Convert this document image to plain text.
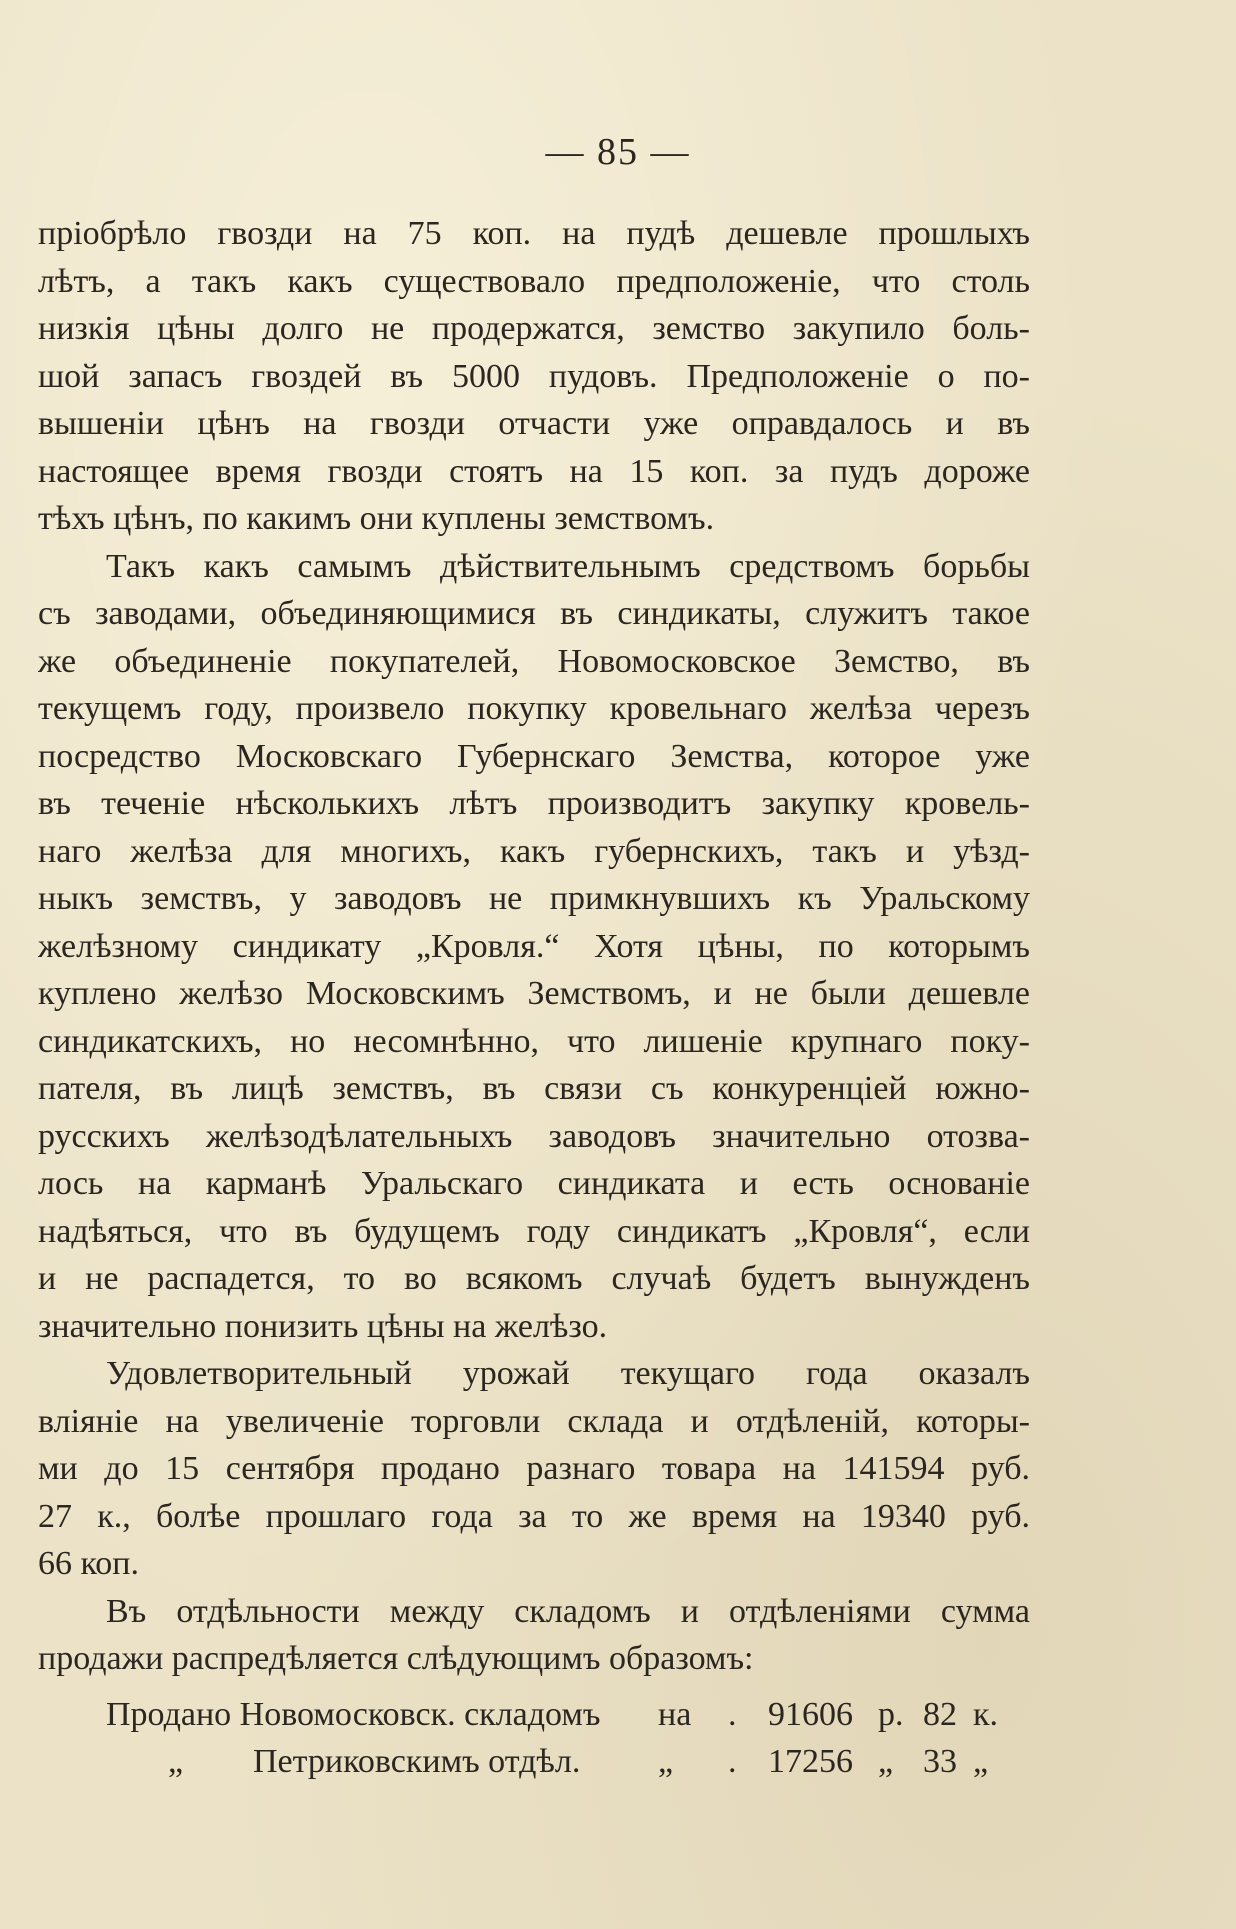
— 85 —
пріобрѣло гвозди на 75 коп. на пудѣ дешевле прошлыхъ
лѣтъ, а такъ какъ существовало предположеніе, что столь
низкія цѣны долго не продержатся, земство закупило боль-
шой запасъ гвоздей въ 5000 пудовъ. Предположеніе о по-
вышеніи цѣнъ на гвозди отчасти уже оправдалось и въ
настоящее время гвозди стоятъ на 15 коп. за пудъ дороже
тѣхъ цѣнъ, по какимъ они куплены земствомъ.
Такъ какъ самымъ дѣйствительнымъ средствомъ борьбы
съ заводами, объединяющимися въ синдикаты, служитъ такое
же объединеніе покупателей, Новомосковское Земство, въ
текущемъ году, произвело покупку кровельнаго желѣза черезъ
посредство Московскаго Губернскаго Земства, которое уже
въ теченіе нѣсколькихъ лѣтъ производитъ закупку кровель-
наго желѣза для многихъ, какъ губернскихъ, такъ и уѣзд-
ныкъ земствъ, у заводовъ не примкнувшихъ къ Уральскому
желѣзному синдикату „Кровля.“ Хотя цѣны, по которымъ
куплено желѣзо Московскимъ Земствомъ, и не были дешевле
синдикатскихъ, но несомнѣнно, что лишеніе крупнаго поку-
пателя, въ лицѣ земствъ, въ связи съ конкуренціей южно-
русскихъ желѣзодѣлательныхъ заводовъ значительно отозва-
лось на карманѣ Уральскаго синдиката и есть основаніе
надѣяться, что въ будущемъ году синдикатъ „Кровля“, если
и не распадется, то во всякомъ случаѣ будетъ вынужденъ
значительно понизить цѣны на желѣзо.
Удовлетворительный урожай текущаго года оказалъ
вліяніе на увеличеніе торговли склада и отдѣленій, которы-
ми до 15 сентября продано разнаго товара на 141594 руб.
27 к., болѣе прошлаго года за то же время на 19340 руб.
66 коп.
Въ отдѣльности между складомъ и отдѣленіями сумма
продажи распредѣляется слѣдующимъ образомъ:
Продано Новомосковск. складомъ на . 91606 р. 82 к.
„ Петриковскимъ отдѣл. „ . 17256 „ 33 „
